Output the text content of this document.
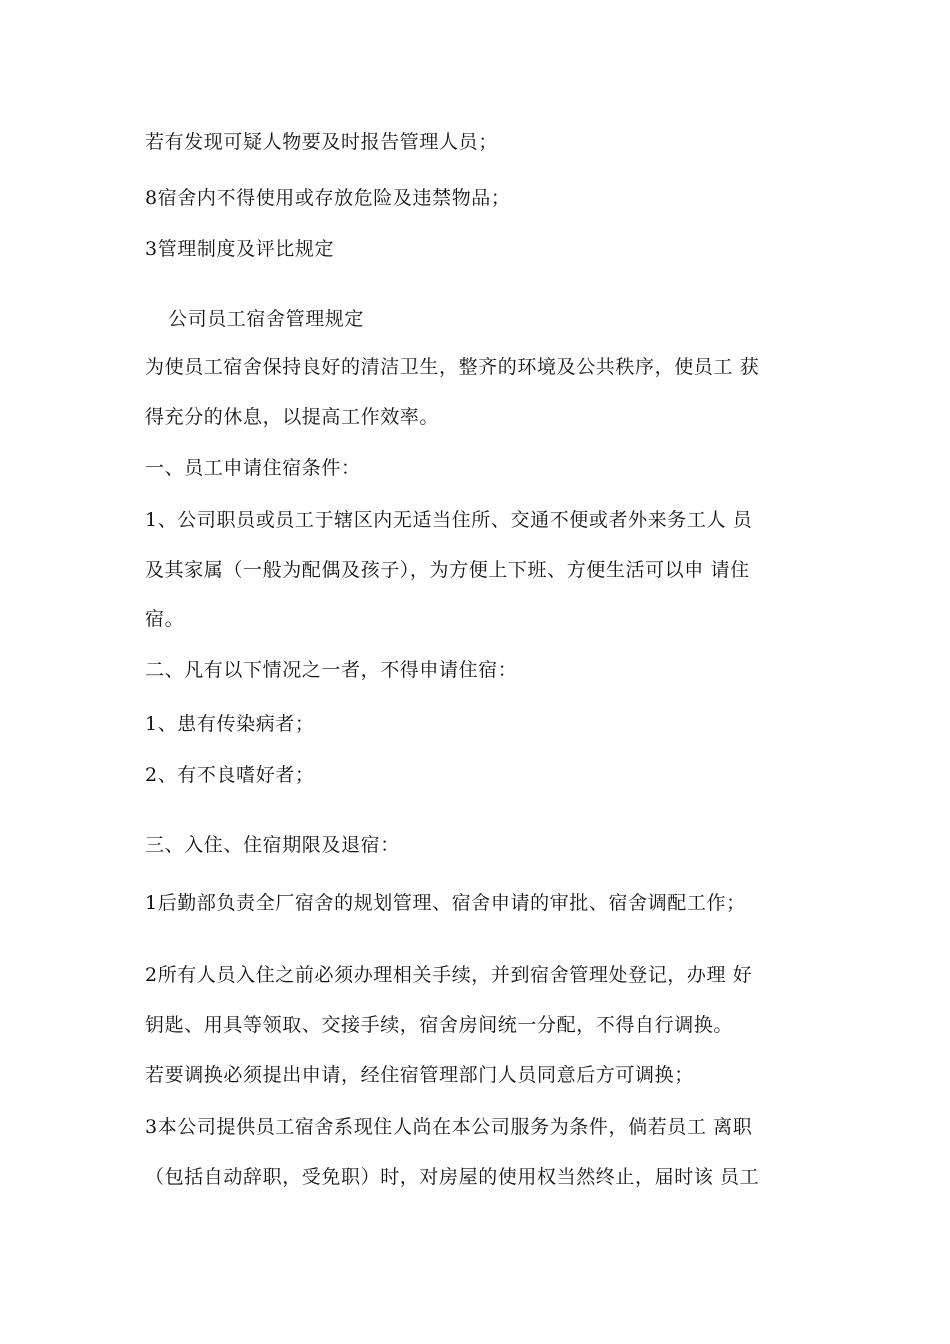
若有发现可疑人物要及时报告管理人员；
8宿舍内不得使用或存放危险及违禁物品；
3管理制度及评比规定
公司员工宿舍管理规定
为使员工宿舍保持良好的清洁卫生，整齐的环境及公共秩序，使员工 获
得充分的休息，以提高工作效率。
一、员工申请住宿条件：
1、公司职员或员工于辖区内无适当住所、交通不便或者外来务工人 员
及其家属（一般为配偶及孩子），为方便上下班、方便生活可以申 请住
宿。
二、凡有以下情况之一者，不得申请住宿：
1、患有传染病者；
2、有不良嗜好者；
三、入住、住宿期限及退宿：
1后勤部负责全厂宿舍的规划管理、宿舍申请的审批、宿舍调配工作；
2所有人员入住之前必须办理相关手续，并到宿舍管理处登记，办理 好
钥匙、用具等领取、交接手续，宿舍房间统一分配，不得自行调换。
若要调换必须提出申请，经住宿管理部门人员同意后方可调换；
3本公司提供员工宿舍系现住人尚在本公司服务为条件，倘若员工 离职
（包括自动辞职，受免职）时，对房屋的使用权当然终止，届时该 员工
